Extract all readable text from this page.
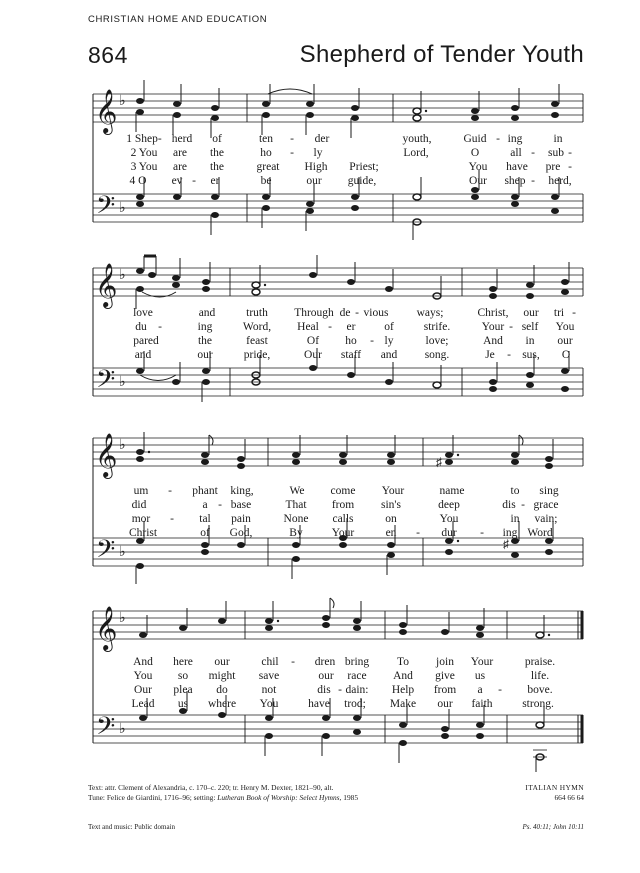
CHRISTIAN HOME AND EDUCATION
864	Shepherd of Tender Youth
𝄞
𝄢
♭
♭
1 Shep- herd of	ten - der	youth,	Guid - ing	in
2 You are the	ho - ly	Lord,	O	all - sub -
3 You are the	great High Priest;	You have pre -
4 O ev - er	be	our guide,	Our shep - herd,
𝄞
𝄢
♭
♭
love	and	truth Through de - vious ways;	Christ, our tri -
du -	ing	Word, Heal - er of	strife.	Your - self You
pared	the	feast	Of ho - ly	love;	And in our
and	our	pride,	Our staff and song.	Je - sus, O
𝄞
𝄢
♭
♭
♯
♯
um - phant king,	We come Your	name	to sing
did	a - base	That from sin's	deep	dis - grace
mor - tal pain	None calls	on	You	in vain;
Christ	of God,	By	Your	en - dur - ing Word
𝄞
𝄢
♭
♭
And here our	chil - dren bring To join Your	praise.
You so might save	our race And give us	life.
Our plea do	not	dis - dain: Help from a - bove.
Lead us where You	have trod; Make our faith	strong.
Text: attr. Clement of Alexandria, c. 170–c. 220; tr. Henry M. Dexter, 1821–90, alt.
Tune: Felice de Giardini, 1716–96; setting: Lutheran Book of Worship: Select Hymns, 1985
ITALIAN HYMN
664 66 64
Text and music: Public domain	Ps. 40:11; John 10:11
